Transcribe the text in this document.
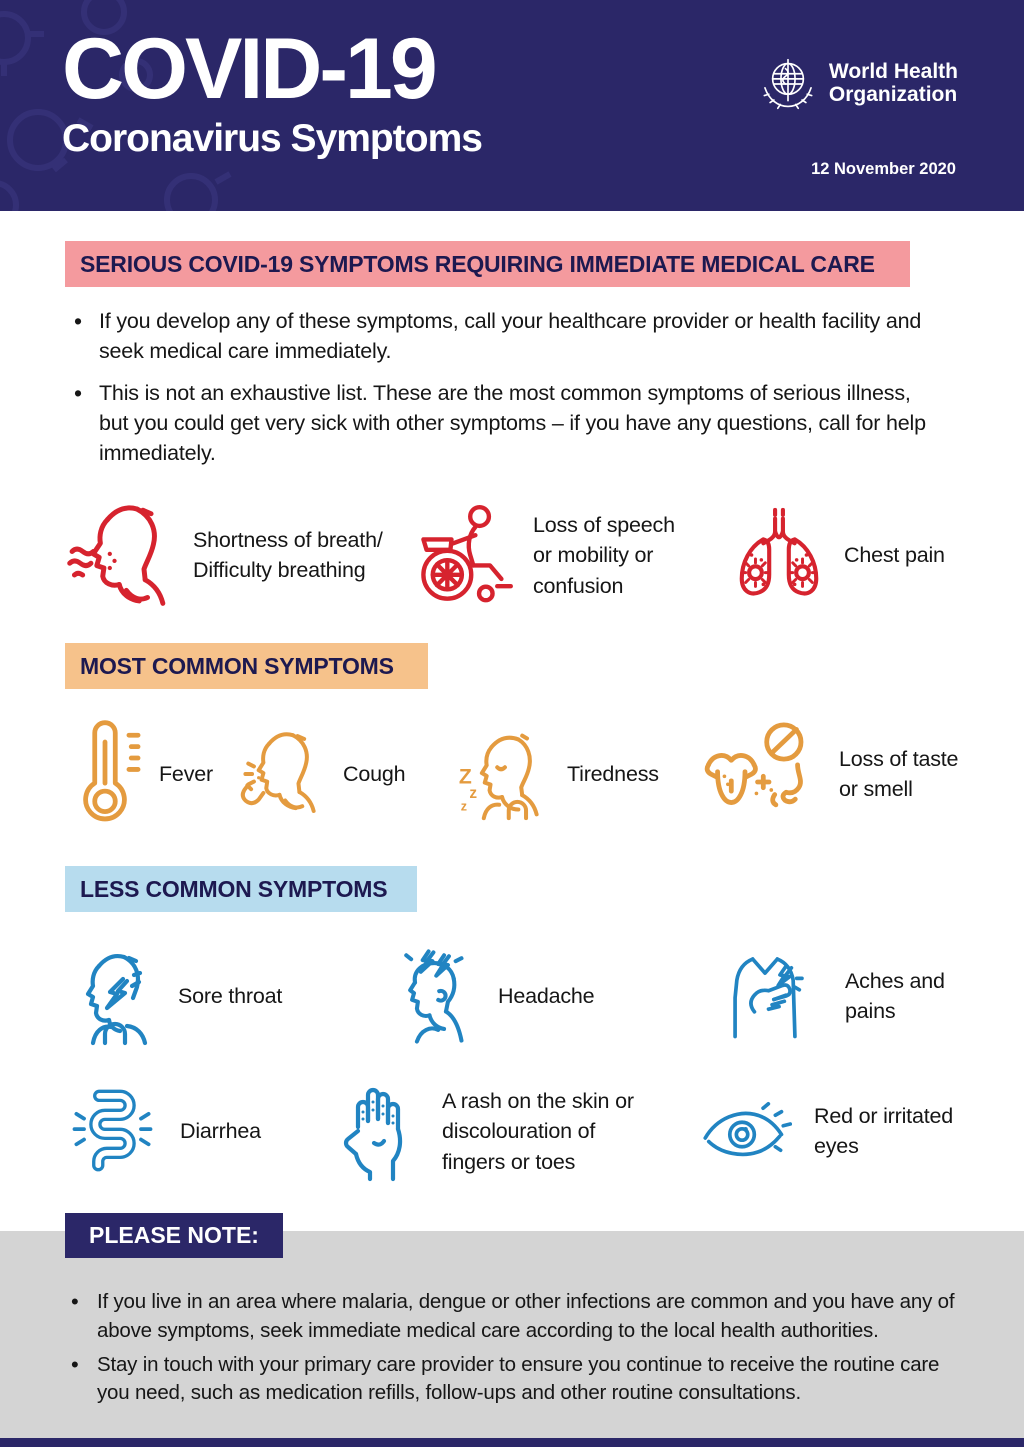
COVID-19
Coronavirus Symptoms
World Health
Organization
12 November 2020
SERIOUS COVID-19 SYMPTOMS REQUIRING IMMEDIATE MEDICAL CARE
• If you develop any of these symptoms, call your healthcare provider or health facility and seek medical care immediately.
• This is not an exhaustive list. These are the most common symptoms of serious illness, but you could get very sick with other symptoms – if you have any questions, call for help immediately.
Shortness of breath/ Difficulty breathing
Loss of speech or mobility or confusion
Chest pain
MOST COMMON SYMPTOMS
Fever	Cough	Z
z
z
Tiredness
Loss of taste or smell
LESS COMMON SYMPTOMS
Sore throat	Headache
Aches and pains
Diarrhea
A rash on the skin or discolouration of fingers or toes
Red or irritated eyes
PLEASE NOTE:
• If you live in an area where malaria, dengue or other infections are common and you have any of above symptoms, seek immediate medical care according to the local health authorities.
• Stay in touch with your primary care provider to ensure you continue to receive the routine care you need, such as medication refills, follow-ups and other routine consultations.
